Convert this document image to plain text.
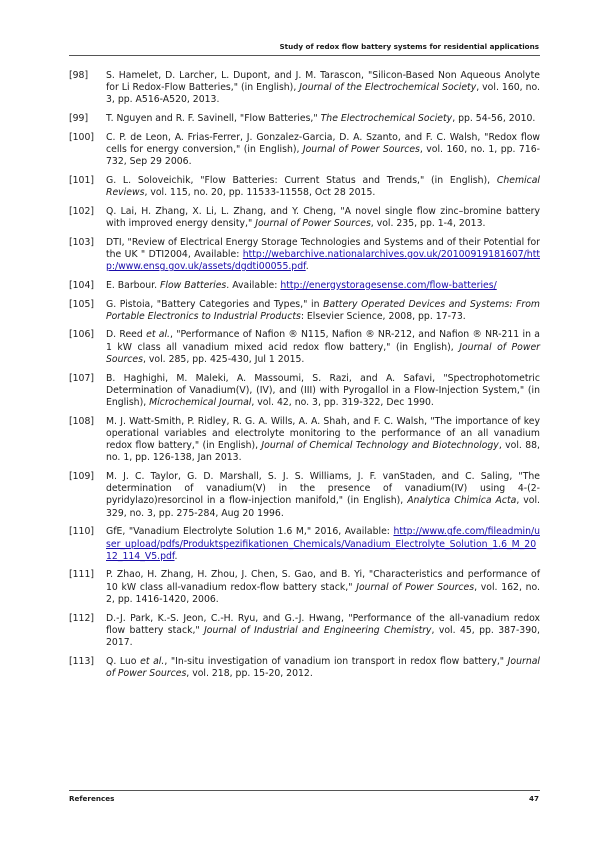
Study of redox flow battery systems for residential applications
[98] S. Hamelet, D. Larcher, L. Dupont, and J. M. Tarascon, "Silicon-Based Non Aqueous Anolyte for Li Redox-Flow Batteries," (in English), Journal of the Electrochemical Society, vol. 160, no. 3, pp. A516-A520, 2013.
[99] T. Nguyen and R. F. Savinell, "Flow Batteries," The Electrochemical Society, pp. 54-56, 2010.
[100] C. P. de Leon, A. Frias-Ferrer, J. Gonzalez-Garcia, D. A. Szanto, and F. C. Walsh, "Redox flow cells for energy conversion," (in English), Journal of Power Sources, vol. 160, no. 1, pp. 716-732, Sep 29 2006.
[101] G. L. Soloveichik, "Flow Batteries: Current Status and Trends," (in English), Chemical Reviews, vol. 115, no. 20, pp. 11533-11558, Oct 28 2015.
[102] Q. Lai, H. Zhang, X. Li, L. Zhang, and Y. Cheng, "A novel single flow zinc–bromine battery with improved energy density," Journal of Power Sources, vol. 235, pp. 1-4, 2013.
[103] DTI, "Review of Electrical Energy Storage Technologies and Systems and of their Potential for the UK " DTI2004, Available: http://webarchive.nationalarchives.gov.uk/20100919181607/http:/www.ensg.gov.uk/assets/dgdti00055.pdf.
[104] E. Barbour. Flow Batteries. Available: http://energystoragesense.com/flow-batteries/
[105] G. Pistoia, "Battery Categories and Types," in Battery Operated Devices and Systems: From Portable Electronics to Industrial Products: Elsevier Science, 2008, pp. 17-73.
[106] D. Reed et al., "Performance of Nafion ® N115, Nafion ® NR-212, and Nafion ® NR-211 in a 1 kW class all vanadium mixed acid redox flow battery," (in English), Journal of Power Sources, vol. 285, pp. 425-430, Jul 1 2015.
[107] B. Haghighi, M. Maleki, A. Massoumi, S. Razi, and A. Safavi, "Spectrophotometric Determination of Vanadium(V), (IV), and (III) with Pyrogallol in a Flow-Injection System," (in English), Microchemical Journal, vol. 42, no. 3, pp. 319-322, Dec 1990.
[108] M. J. Watt-Smith, P. Ridley, R. G. A. Wills, A. A. Shah, and F. C. Walsh, "The importance of key operational variables and electrolyte monitoring to the performance of an all vanadium redox flow battery," (in English), Journal of Chemical Technology and Biotechnology, vol. 88, no. 1, pp. 126-138, Jan 2013.
[109] M. J. C. Taylor, G. D. Marshall, S. J. S. Williams, J. F. vanStaden, and C. Saling, "The determination of vanadium(V) in the presence of vanadium(IV) using 4-(2-pyridylazo)resorcinol in a flow-injection manifold," (in English), Analytica Chimica Acta, vol. 329, no. 3, pp. 275-284, Aug 20 1996.
[110] GfE, "Vanadium Electrolyte Solution 1.6 M," 2016, Available: http://www.gfe.com/fileadmin/user_upload/pdfs/Produktspezifikationen_Chemicals/Vanadium_Electrolyte_Solution_1.6_M_2012_114_V5.pdf.
[111] P. Zhao, H. Zhang, H. Zhou, J. Chen, S. Gao, and B. Yi, "Characteristics and performance of 10 kW class all-vanadium redox-flow battery stack," Journal of Power Sources, vol. 162, no. 2, pp. 1416-1420, 2006.
[112] D.-J. Park, K.-S. Jeon, C.-H. Ryu, and G.-J. Hwang, "Performance of the all-vanadium redox flow battery stack," Journal of Industrial and Engineering Chemistry, vol. 45, pp. 387-390, 2017.
[113] Q. Luo et al., "In-situ investigation of vanadium ion transport in redox flow battery," Journal of Power Sources, vol. 218, pp. 15-20, 2012.
References	47
